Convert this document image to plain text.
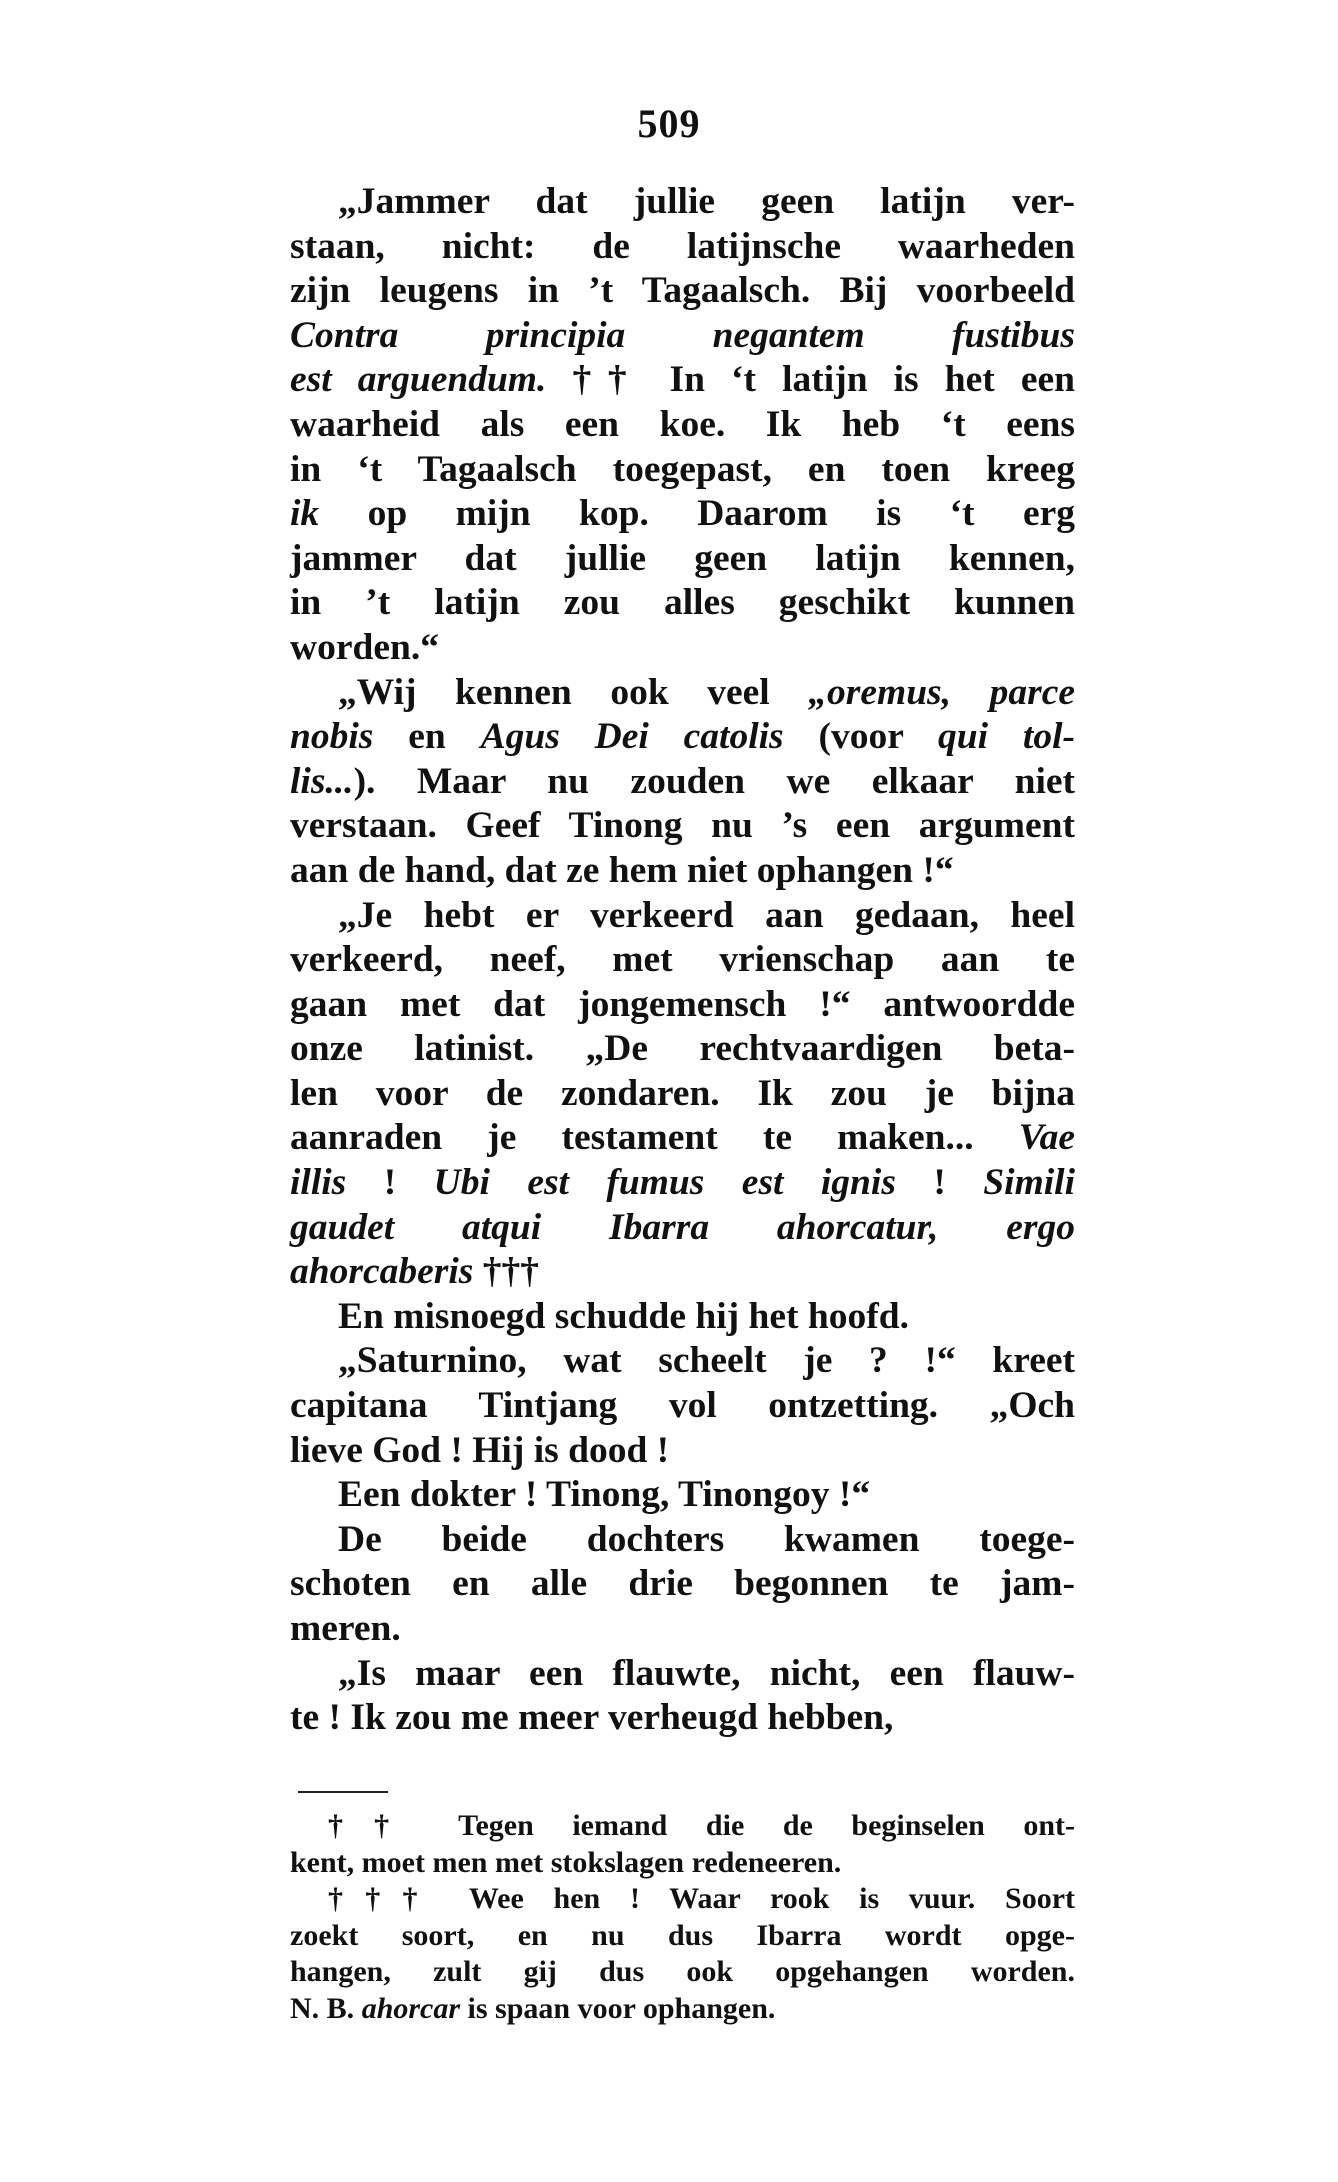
509
„Jammer dat jullie geen latijn ver-
staan, nicht: de latijnsche waarheden
zijn leugens in ’t Tagaalsch. Bij voorbeeld
Contra principia negantem fustibus
est arguendum. †† In ‘t latijn is het een
waarheid als een koe. Ik heb ‘t eens
in ‘t Tagaalsch toegepast, en toen kreeg
ik op mijn kop. Daarom is ‘t erg
jammer dat jullie geen latijn kennen,
in ’t latijn zou alles geschikt kunnen
worden.“
„Wij kennen ook veel „oremus, parce
nobis en Agus Dei catolis (voor qui tol-
lis...). Maar nu zouden we elkaar niet
verstaan. Geef Tinong nu ’s een argument
aan de hand, dat ze hem niet ophangen !“
„Je hebt er verkeerd aan gedaan, heel
verkeerd, neef, met vrienschap aan te
gaan met dat jongemensch !“ antwoordde
onze latinist. „De rechtvaardigen beta-
len voor de zondaren. Ik zou je bijna
aanraden je testament te maken... Vae
illis ! Ubi est fumus est ignis ! Simili
gaudet atqui Ibarra ahorcatur, ergo
ahorcaberis †††
En misnoegd schudde hij het hoofd.
„Saturnino, wat scheelt je ? !“ kreet
capitana Tintjang vol ontzetting. „Och
lieve God ! Hij is dood !
Een dokter ! Tinong, Tinongoy !“
De beide dochters kwamen toege-
schoten en alle drie begonnen te jam-
meren.
„Is maar een flauwte, nicht, een flauw-
te ! Ik zou me meer verheugd hebben,
†† Tegen iemand die de beginselen ont-
kent, moet men met stokslagen redeneeren.
††† Wee hen ! Waar rook is vuur. Soort
zoekt soort, en nu dus Ibarra wordt opge-
hangen, zult gij dus ook opgehangen worden.
N. B. ahorcar is spaan voor ophangen.
